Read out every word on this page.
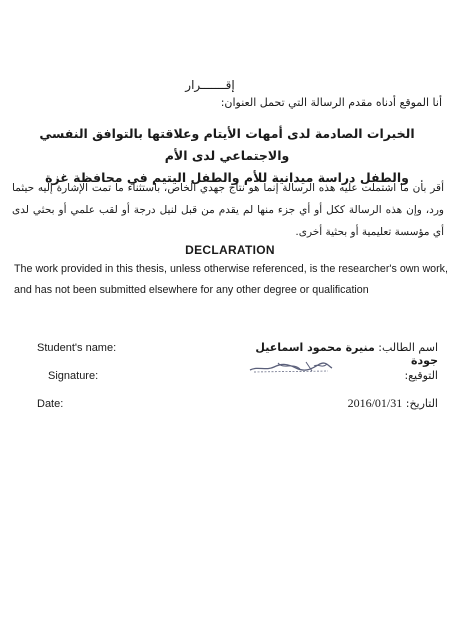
إقـــــــرار
أنا الموقع أدناه مقدم الرسالة التي تحمل العنوان:
الخبرات الصادمة لدى أمهات الأيتام وعلاقتها بالتوافق النفسي والاجتماعي لدى الأم
والطفل دراسة ميدانية للأم والطفل اليتيم في محافظة غزة
أقر بأن ما اشتملت عليه هذه الرسالة إنما هو نتاج جهدي الخاص، باستثناء ما تمت الإشارة إليه حيثما ورد، وإن هذه الرسالة ككل أو أي جزء منها لم يقدم من قبل لنيل درجة أو لقب علمي أو بحثي لدى أي مؤسسة تعليمية أو بحثية أخرى.
DECLARATION
The work provided in this thesis, unless otherwise referenced, is the researcher's own work, and has not been submitted elsewhere for any other degree or qualification
Student's name:	اسم الطالب: منيرة محمود اسماعيل جودة
Signature:	التوقيع:
Date:	التاريخ: 2016/01/31
